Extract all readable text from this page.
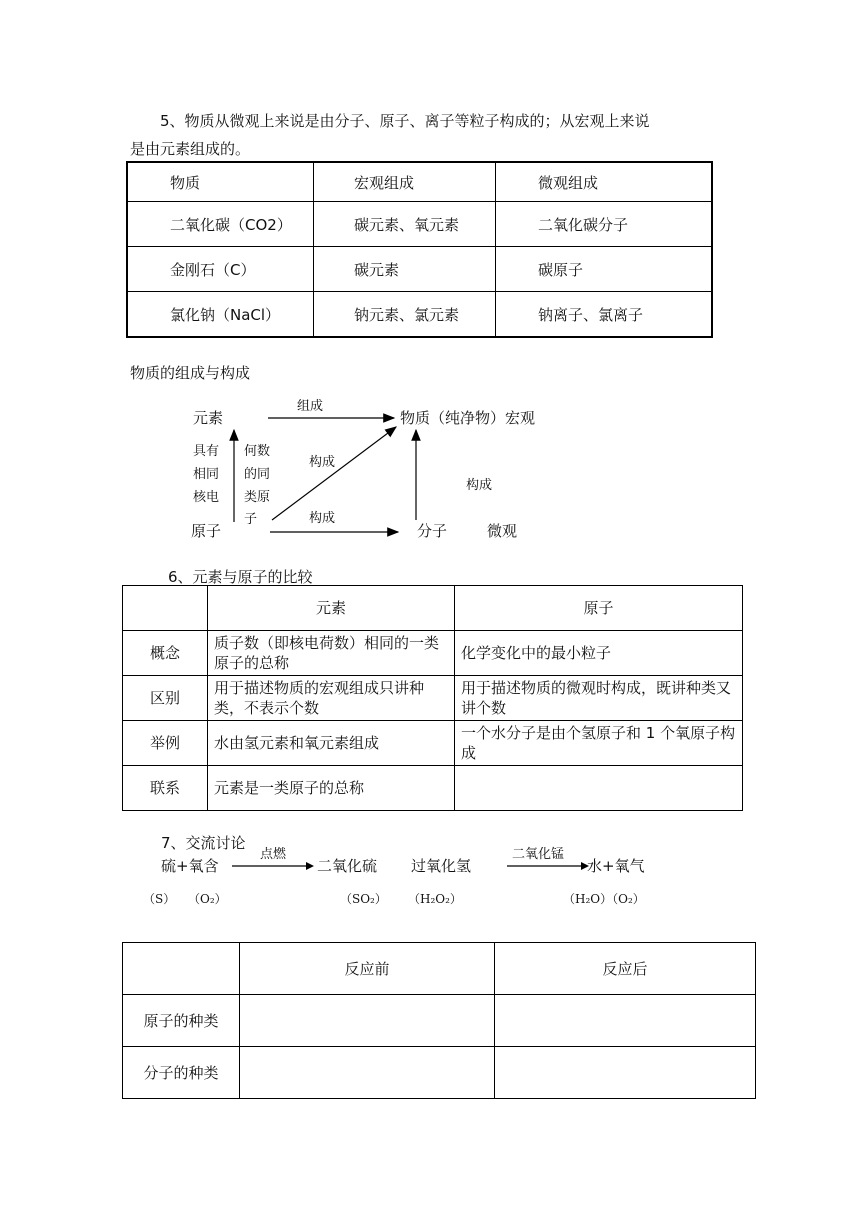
5、物质从微观上来说是由分子、原子、离子等粒子构成的；从宏观上来说

是由元素组成的。

物质	宏观组成	微观组成
二氧化碳（CO2）	碳元素、氧元素	二氧化碳分子
金刚石（C）	碳元素	碳原子
氯化钠（NaCl）	钠元素、氯元素	钠离子、氯离子
物质的组成与构成
元素	物质（纯净物）宏观
原子	分子	微观
组成
构成
构成
构成
具有
相同
核电
何数
的同
类原
子
6、元素与原子的比较
	元素	原子
概念	质子数（即核电荷数）相同的一类原子的总称	化学变化中的最小粒子
区别	用于描述物质的宏观组成只讲种类，不表示个数	用于描述物质的微观时构成，既讲种类又讲个数
举例	水由氢元素和氧元素组成	一个水分子是由个氢原子和 1 个氧原子构成
联系	元素是一类原子的总称	
7、交流讨论
硫+氧含
点燃
二氧化硫 过氧化氢
二氧化锰
水+氧气
（S） （O₂）	（SO₂） （H₂O₂）	（H₂O）（O₂）
	反应前	反应后
原子的种类		
分子的种类		
